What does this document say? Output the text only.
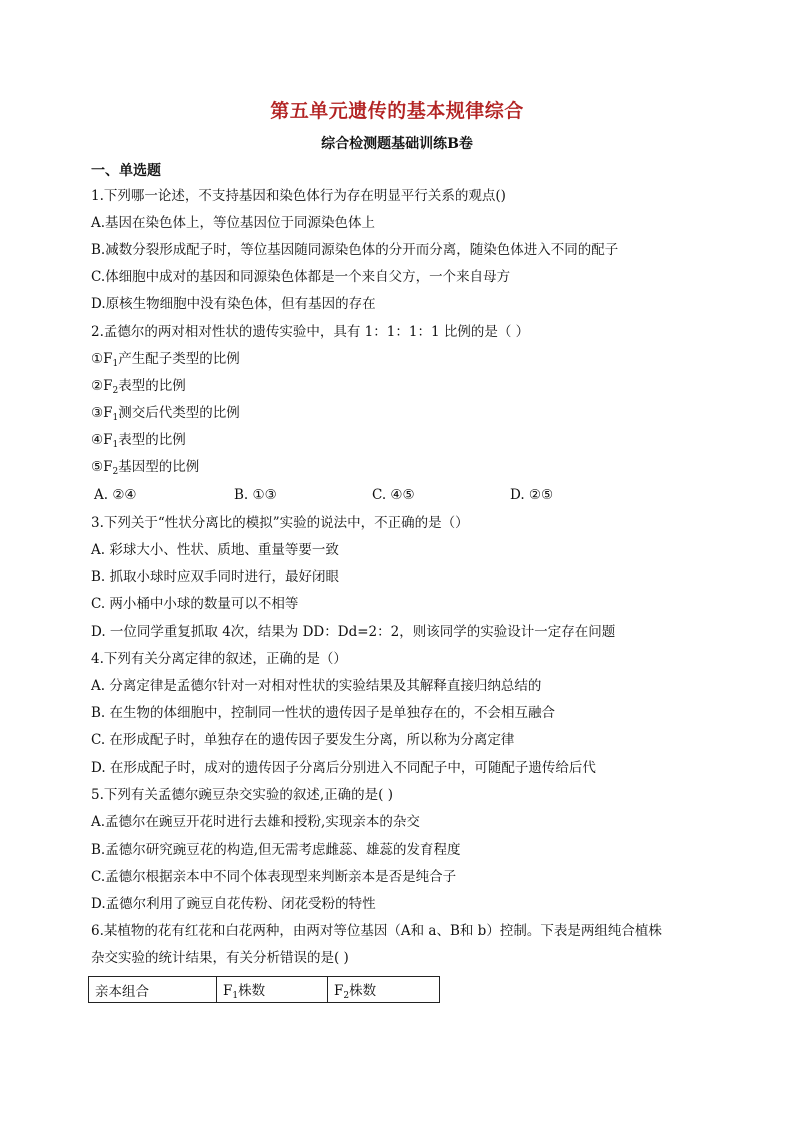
第五单元遗传的基本规律综合
综合检测题基础训练B卷
一、单选题
1.下列哪一论述，不支持基因和染色体行为存在明显平行关系的观点()
A.基因在染色体上，等位基因位于同源染色体上
B.减数分裂形成配子时，等位基因随同源染色体的分开而分离，随染色体进入不同的配子
C.体细胞中成对的基因和同源染色体都是一个来自父方，一个来自母方
D.原核生物细胞中没有染色体，但有基因的存在
2.孟德尔的两对相对性状的遗传实验中，具有 1：1：1：1 比例的是（ ）
$①F_1$产生配子类型的比例
$②F_2$表型的比例
$③F_1$测交后代类型的比例
$④F_1$表型的比例
$⑤F_2$基因型的比例
A. ②④	B. ①③	C. ④⑤	D. ②⑤
3.下列关于“性状分离比的模拟”实验的说法中，不正确的是（）
A. 彩球大小、性状、质地、重量等要一致
B. 抓取小球时应双手同时进行，最好闭眼
C. 两小桶中小球的数量可以不相等
D. 一位同学重复抓取 4次，结果为 DD：Dd=2：2，则该同学的实验设计一定存在问题
4.下列有关分离定律的叙述，正确的是（）
A. 分离定律是孟德尔针对一对相对性状的实验结果及其解释直接归纳总结的
B. 在生物的体细胞中，控制同一性状的遗传因子是单独存在的，不会相互融合
C. 在形成配子时，单独存在的遗传因子要发生分离，所以称为分离定律
D. 在形成配子时，成对的遗传因子分离后分别进入不同配子中，可随配子遗传给后代
5.下列有关孟德尔豌豆杂交实验的叙述,正确的是( )
A.孟德尔在豌豆开花时进行去雄和授粉,实现亲本的杂交
B.孟德尔研究豌豆花的构造,但无需考虑雌蕊、雄蕊的发育程度
C.孟德尔根据亲本中不同个体表现型来判断亲本是否是纯合子
D.孟德尔利用了豌豆自花传粉、闭花受粉的特性
6.某植物的花有红花和白花两种，由两对等位基因（A和 a、B和 b）控制。下表是两组纯合植株
杂交实验的统计结果，有关分析错误的是( )
亲本组合	$F_1$株数	$F_2$株数
